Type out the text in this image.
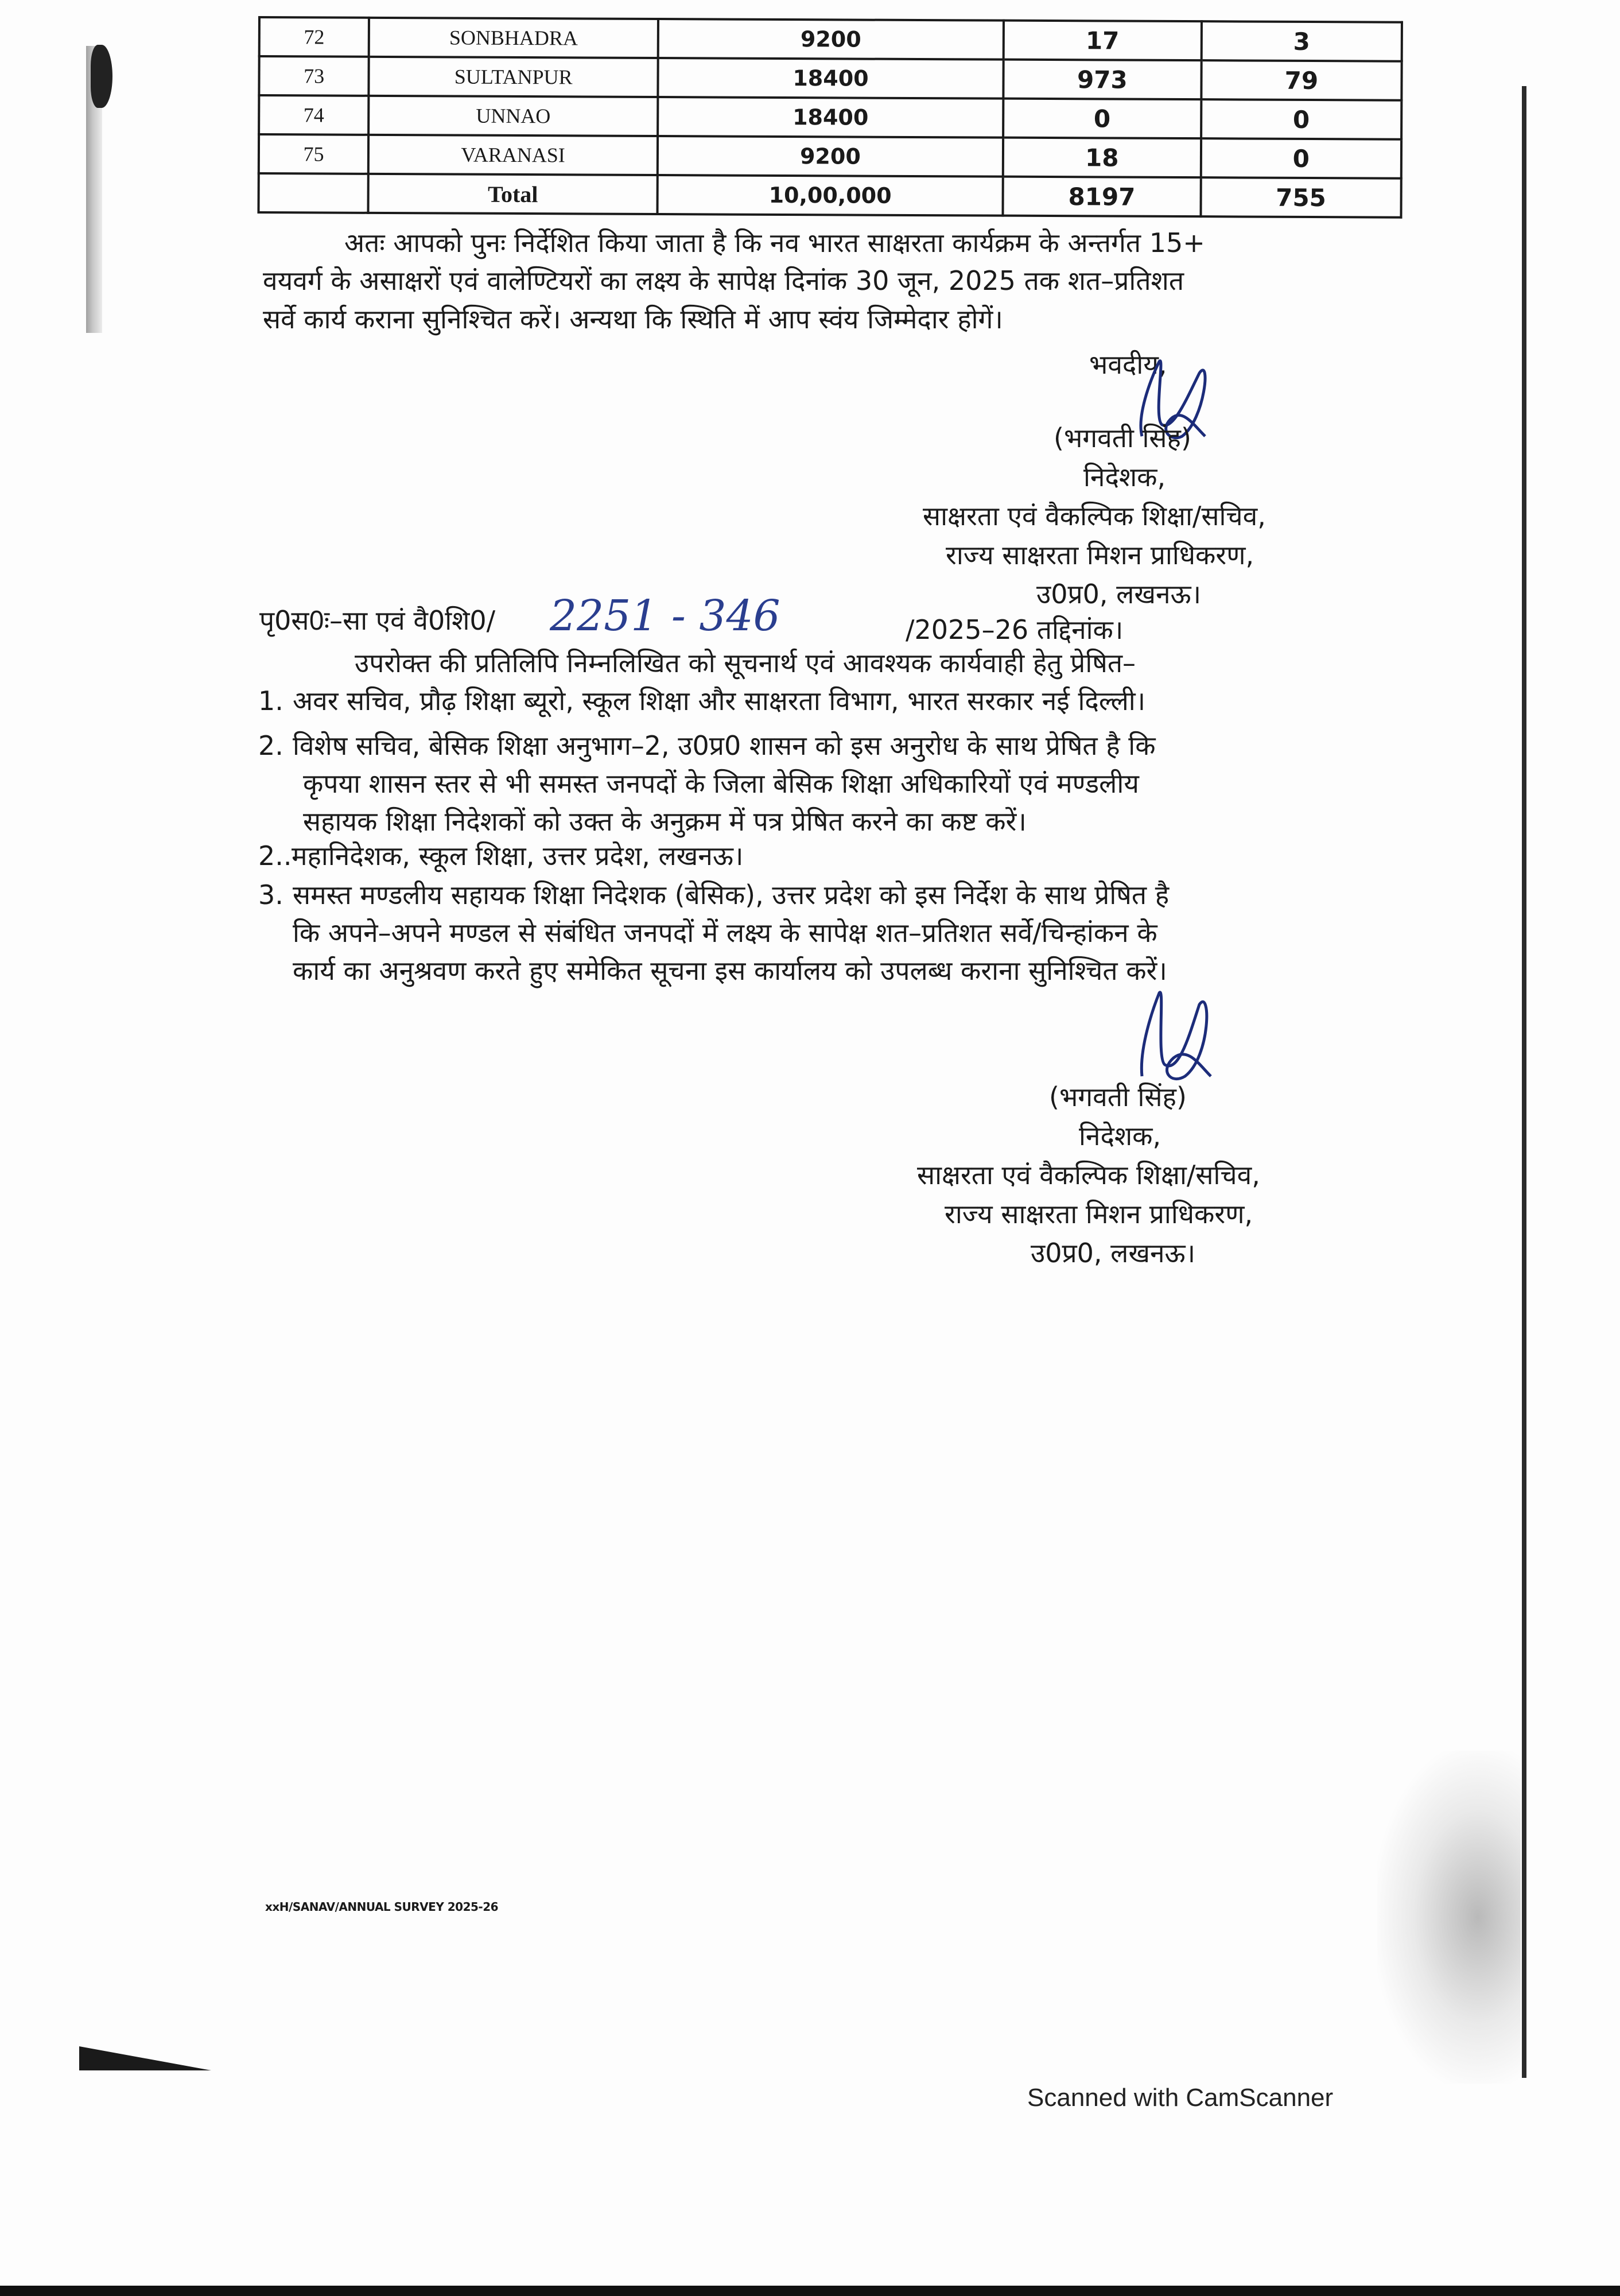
72	SONBHADRA	9200	17	3
73	SULTANPUR	18400	973	79
74	UNNAO	18400	0	0
75	VARANASI	9200	18	0
	Total	10,00,000	8197	755
अतः आपको पुनः निर्देशित किया जाता है कि नव भारत साक्षरता कार्यक्रम के अन्तर्गत 15+
वयवर्ग के असाक्षरों एवं वालेण्टियरों का लक्ष्य के सापेक्ष दिनांक 30 जून, 2025 तक शत–प्रतिशत
सर्वे कार्य कराना सुनिश्चित करें। अन्यथा कि स्थिति में आप स्वंय जिम्मेदार होगें।
भवदीय,
(भगवती सिंह)
निदेशक,
साक्षरता एवं वैकल्पिक शिक्षा/सचिव,
राज्य साक्षरता मिशन प्राधिकरण,
उ0प्र0, लखनऊ।
पृ0स0ः–सा एवं वै0शि0/ 2251 - 346	/2025–26 तद्दिनांक।
उपरोक्त की प्रतिलिपि निम्नलिखित को सूचनार्थ एवं आवश्यक कार्यवाही हेतु प्रेषित–
1. अवर सचिव, प्रौढ़ शिक्षा ब्यूरो, स्कूल शिक्षा और साक्षरता विभाग, भारत सरकार नई दिल्ली।
2. विशेष सचिव, बेसिक शिक्षा अनुभाग–2, उ0प्र0 शासन को इस अनुरोध के साथ प्रेषित है कि
कृपया शासन स्तर से भी समस्त जनपदों के जिला बेसिक शिक्षा अधिकारियों एवं मण्डलीय
सहायक शिक्षा निदेशकों को उक्त के अनुक्रम में पत्र प्रेषित करने का कष्ट करें।
2.. महानिदेशक, स्कूल शिक्षा, उत्तर प्रदेश, लखनऊ।
3. समस्त मण्डलीय सहायक शिक्षा निदेशक (बेसिक), उत्तर प्रदेश को इस निर्देश के साथ प्रेषित है
कि अपने–अपने मण्डल से संबंधित जनपदों में लक्ष्य के सापेक्ष शत–प्रतिशत सर्वे/चिन्हांकन के
कार्य का अनुश्रवण करते हुए समेकित सूचना इस कार्यालय को उपलब्ध कराना सुनिश्चित करें।
(भगवती सिंह)
निदेशक,
साक्षरता एवं वैकल्पिक शिक्षा/सचिव,
राज्य साक्षरता मिशन प्राधिकरण,
उ0प्र0, लखनऊ।
xxH/SANAV/ANNUAL SURVEY 2025-26
Scanned with CamScanner
